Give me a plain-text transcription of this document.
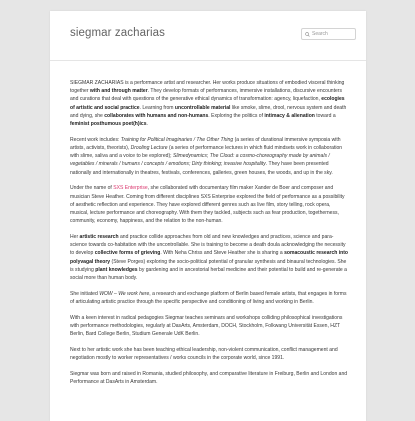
siegmar zacharias	Search

SIEGMAR ZACHARIAS is a performance artist and researcher. Her works produce situations of embodied visceral thinking together with and through matter. They develop formats of performances, immersive installations, discursive encounters and curations that deal with questions of the generative ethical dynamics of transformation: agency, liquefaction, ecologies of artistic and social practice. Learning from uncontrollable material like smoke, slime, drool, nervous system and death and dying, she collaborates with humans and non-humans. Exploring the politics of intimacy & alienation toward a feminist posthumous poet(h)ics.

Recent work includes: Training for Political Imaginaries / The Other Thing (a series of durational immersive symposia with artists, activists, theorists), Drooling Lecture (a series of performance lectures in which fluid mindsets work in collaboration with slime, saliva and a voice to be explored); Slimedynamics; The Cloud: a cosmo-choreography made by animals / vegetables / minerals / humans / concepts / emotions; Dirty thinking; invasive hospitality. They have been presented nationally and internationally in theatres, festivals, conferences, galleries, green houses, the woods, and up in the sky.

Under the name of SXS Enterprise, she collaborated with documentary film maker Xander de Boer and composer and musician Steve Heather. Coming from different disciplines SXS Enterprise explored the field of performance as a possibility of aesthetic reflection and experience. They have explored different genres such as live film, story telling, rock opera, musical, lecture performance and choreography. With them they tackled, subjects such as fear production, togetherness, community, economy, happiness, and the relation to the non-human.

Her artistic research and practice collide approaches from old and new knowledges and practices, science and para-science towards co-habitation with the uncontrollable. She is training to become a death doula acknowledging the necessity to develop collective forms of grieving. With Neha Chriss and Steve Heather she is sharing a somacoustic research into polyvagal theory (Steve Porges) exploring the socio-political potential of granular synthesis and binaural technologies. She is studying plant knowledges by gardening and in ancestorial herbal medicine and their potential to build and re-generate a social more than human body.

She initiated WOW – We work here, a research and exchange platform of Berlin based female artists, that engages in forms of articulating artistic practice through the specific perspective and conditioning of living and working in Berlin.

With a keen interest in radical pedagogies Siegmar teaches seminars and workshops colliding philosophical investigations with performance methodologies, regularly at DasArts, Amsterdam, DOCH, Stockholm, Folkwang Universität Essen, HZT Berlin, Bard College Berlin, Studium Generale UdK Berlin.

Next to her artistic work she has been teaching ethical leadership, non-violent communication, conflict management and negotiation mostly to worker representatives / works councils in the corporate world, since 1991.

Siegmar was born and raised in Romania, studied philosophy, and comparative literature in Freiburg, Berlin and London and Performance at DasArts in Amsterdam.
